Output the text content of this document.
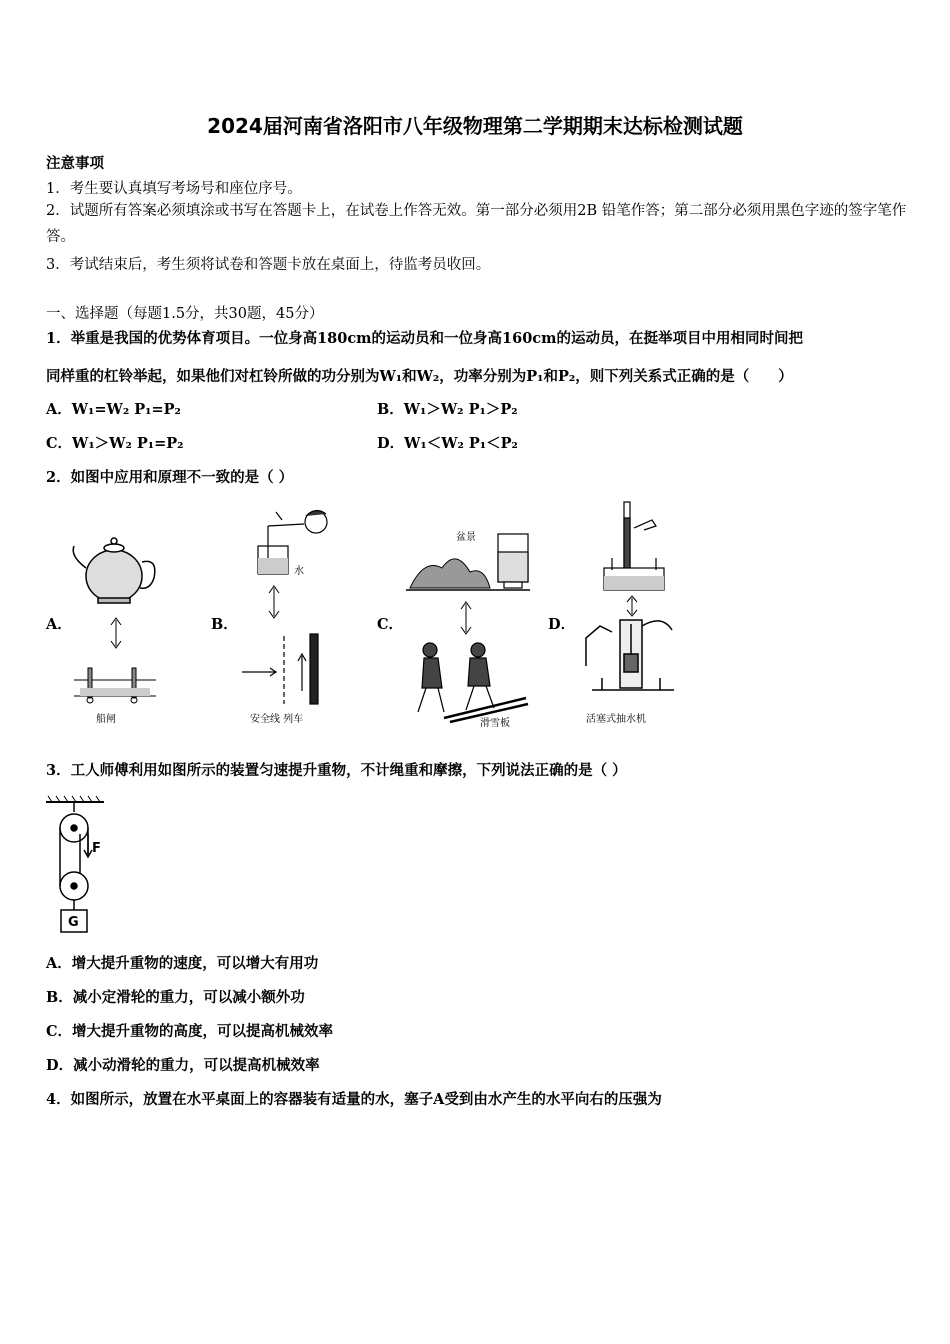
2024届河南省洛阳市八年级物理第二学期期末达标检测试题
注意事项
1．考生要认真填写考场号和座位序号。
2．试题所有答案必须填涂或书写在答题卡上，在试卷上作答无效。第一部分必须用2B 铅笔作答；第二部分必须用黑色字迹的签字笔作答。
3．考试结束后，考生须将试卷和答题卡放在桌面上，待监考员收回。
一、选择题（每题1.5分，共30题，45分）
1．举重是我国的优势体育项目。一位身高180cm的运动员和一位身高160cm的运动员，在挺举项目中用相同时间把
同样重的杠铃举起，如果他们对杠铃所做的功分别为W₁和W₂，功率分别为P₁和P₂，则下列关系式正确的是（　　）
A．W₁=W₂ P₁=P₂	B．W₁＞W₂ P₁＞P₂
C．W₁＞W₂ P₁=P₂	D．W₁＜W₂ P₁＜P₂
2．如图中应用和原理不一致的是（ ）
A．	B．	C．	D．
船闸
水
安全线 列车
盆景
滑雪板	活塞式抽水机
3．工人师傅利用如图所示的装置匀速提升重物，不计绳重和摩擦，下列说法正确的是（ ）
F
G
A．增大提升重物的速度，可以增大有用功
B．减小定滑轮的重力，可以减小额外功
C．增大提升重物的高度，可以提高机械效率
D．减小动滑轮的重力，可以提高机械效率
4．如图所示，放置在水平桌面上的容器装有适量的水，塞子A受到由水产生的水平向右的压强为
